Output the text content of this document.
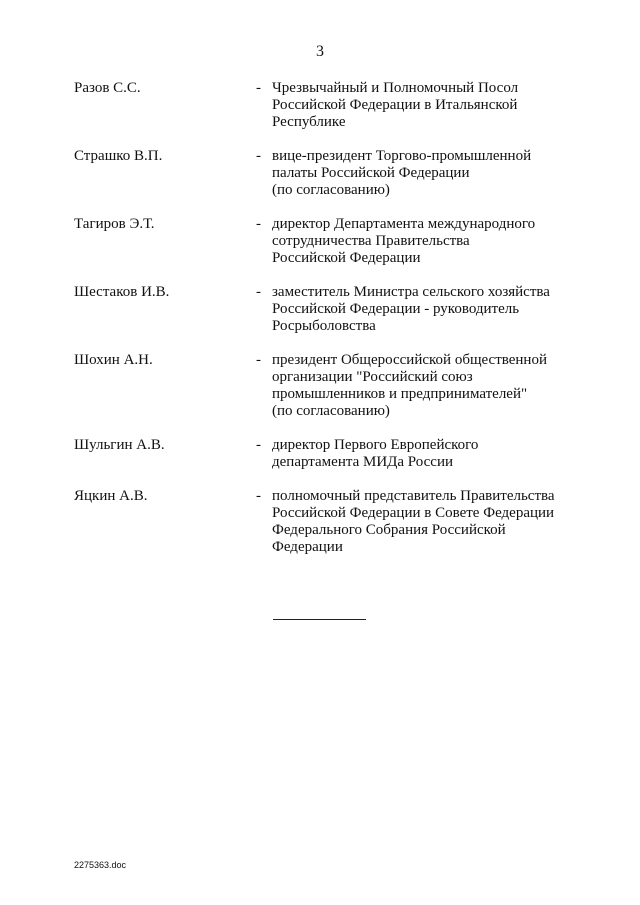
3
Разов С.С.	- Чрезвычайный и Полномочный Посол
Российской Федерации в Итальянской
Республике
Страшко В.П.	- вице-президент Торгово-промышленной
палаты Российской Федерации
(по согласованию)
Тагиров Э.Т.	- директор Департамента международного
сотрудничества Правительства
Российской Федерации
Шестаков И.В.	- заместитель Министра сельского хозяйства
Российской Федерации - руководитель
Росрыболовства
Шохин А.Н.	- президент Общероссийской общественной
организации "Российский союз
промышленников и предпринимателей"
(по согласованию)
Шульгин А.В.	- директор Первого Европейского
департамента МИДа России
Яцкин А.В.	- полномочный представитель Правительства
Российской Федерации в Совете Федерации
Федерального Собрания Российской
Федерации
2275363.doc
